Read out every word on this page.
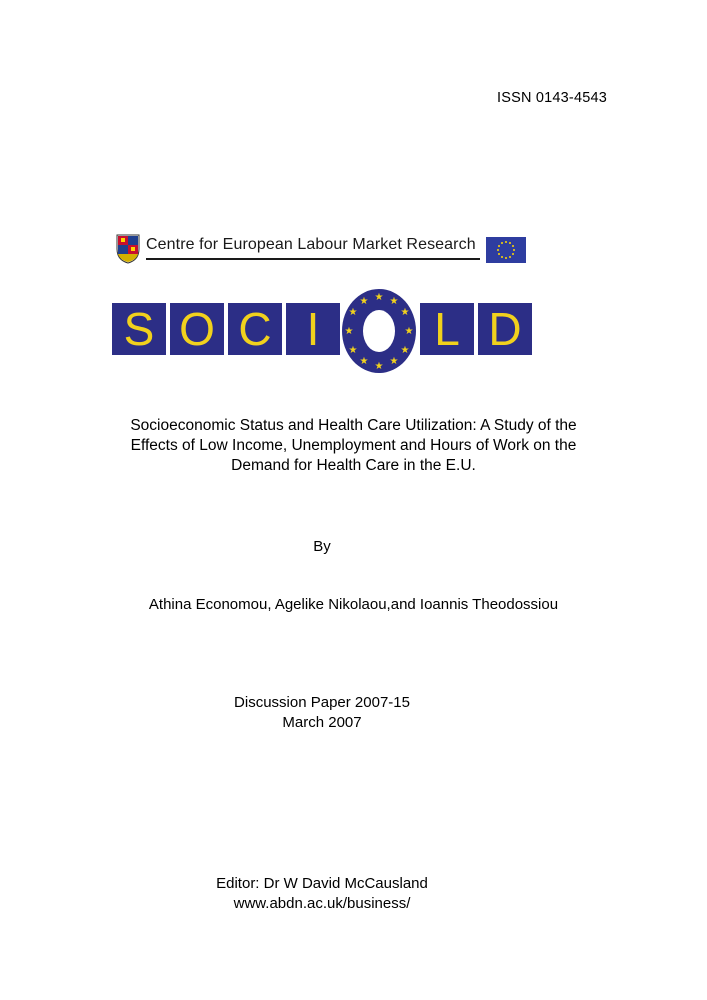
ISSN 0143-4543
Centre for European Labour Market Research
S O C I
★ ★
★
★
★
★
★
★
★
★
★
★
L D
Socioeconomic Status and Health Care Utilization: A Study of the
Effects of Low Income, Unemployment and Hours of Work on the
Demand for Health Care in the E.U.
By
Athina Economou, Agelike Nikolaou,and Ioannis Theodossiou
Discussion Paper 2007-15
March 2007
Editor: Dr W David McCausland
www.abdn.ac.uk/business/
